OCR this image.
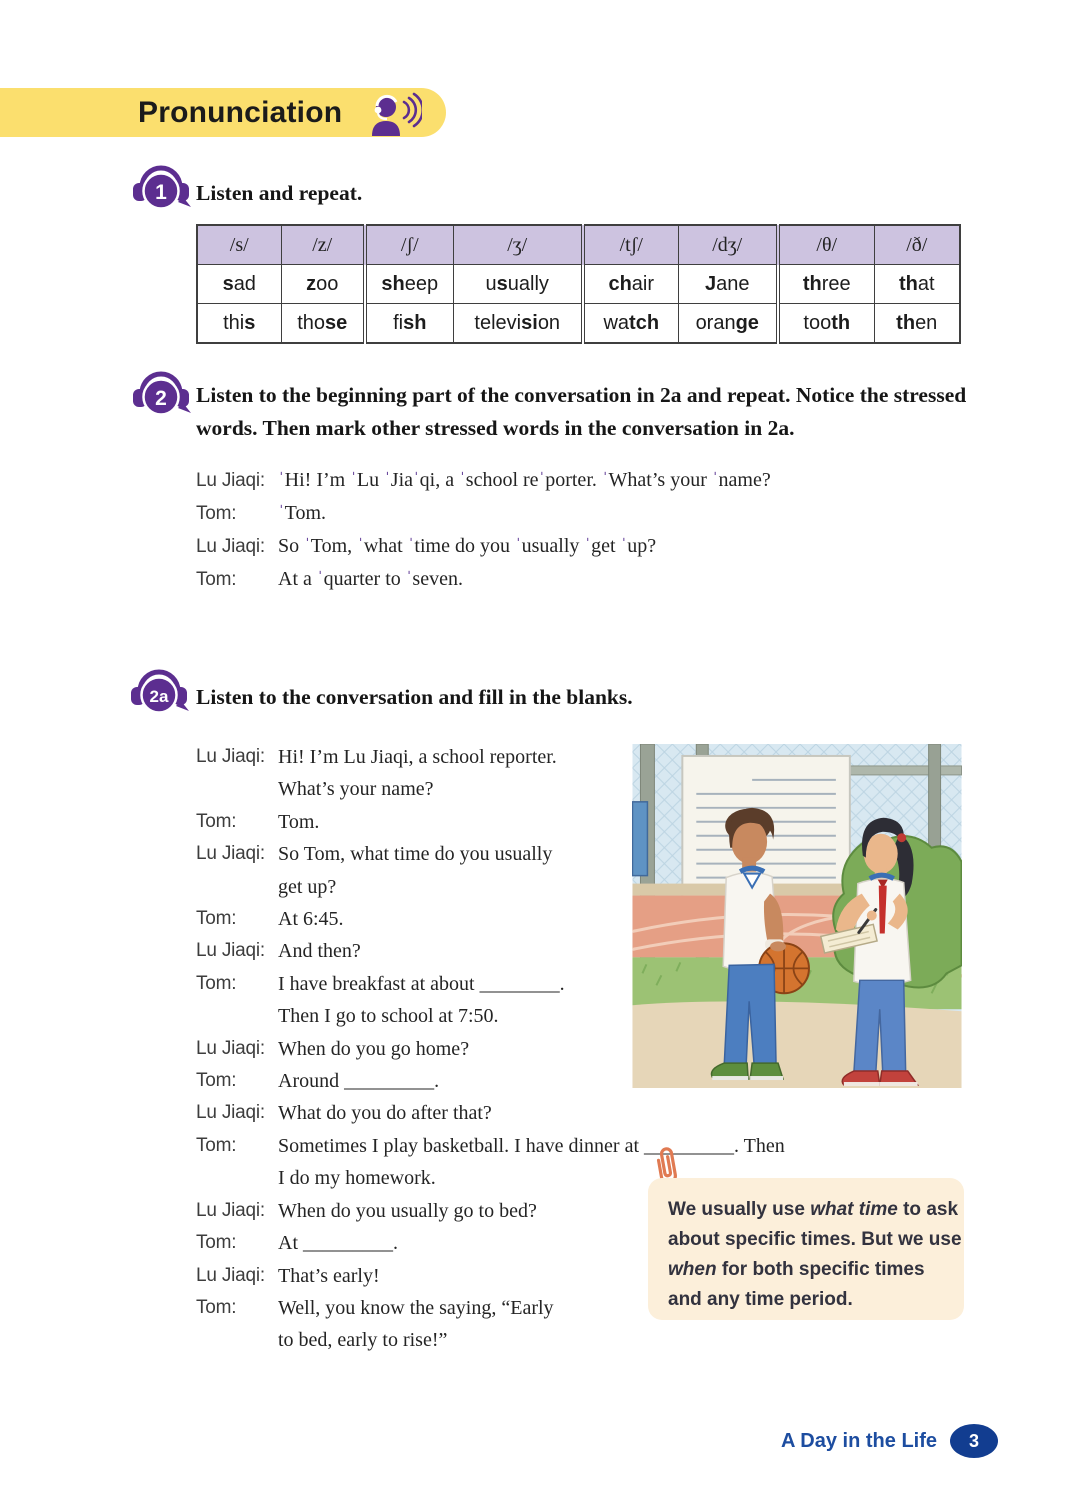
Pronunciation
1 Listen and repeat.
/s/	/z/	/ʃ/	/ʒ/	/tʃ/	/dʒ/	/θ/	/ð/
sad	zoo	sheep	usually	chair	Jane	three	that
this	those	fish	television	watch	orange	tooth	then
2 Listen to the beginning part of the conversation in 2a and repeat. Notice the stressed words. Then mark other stressed words in the conversation in 2a.
Lu Jiaqi: ˈHi! I’m ˈLu ˈJiaˈqi, a ˈschool reˈporter. ˈWhat’s your ˈname?
Tom:	ˈTom.
Lu Jiaqi: So ˈTom, ˈwhat ˈtime do you ˈusually ˈget ˈup?
Tom:	At a ˈquarter to ˈseven.
2a Listen to the conversation and fill in the blanks.
Lu Jiaqi: Hi! I’m Lu Jiaqi, a school reporter.
What’s your name?
Tom:	Tom.
Lu Jiaqi: So Tom, what time do you usually
get up?
Tom:	At 6:45.
Lu Jiaqi: And then?
Tom:	I have breakfast at about ________.
Then I go to school at 7:50.
Lu Jiaqi: When do you go home?
Tom:	Around _________.
Lu Jiaqi: What do you do after that?
Tom:	Sometimes I play basketball. I have dinner at _________. Then
I do my homework.
Lu Jiaqi: When do you usually go to bed?
Tom:	At _________.
Lu Jiaqi: That’s early!
Tom:	Well, you know the saying, “Early
to bed, early to rise!”
We usually use what time to ask
about specific times. But we use
when for both specific times
and any time period.
A Day in the Life 3
